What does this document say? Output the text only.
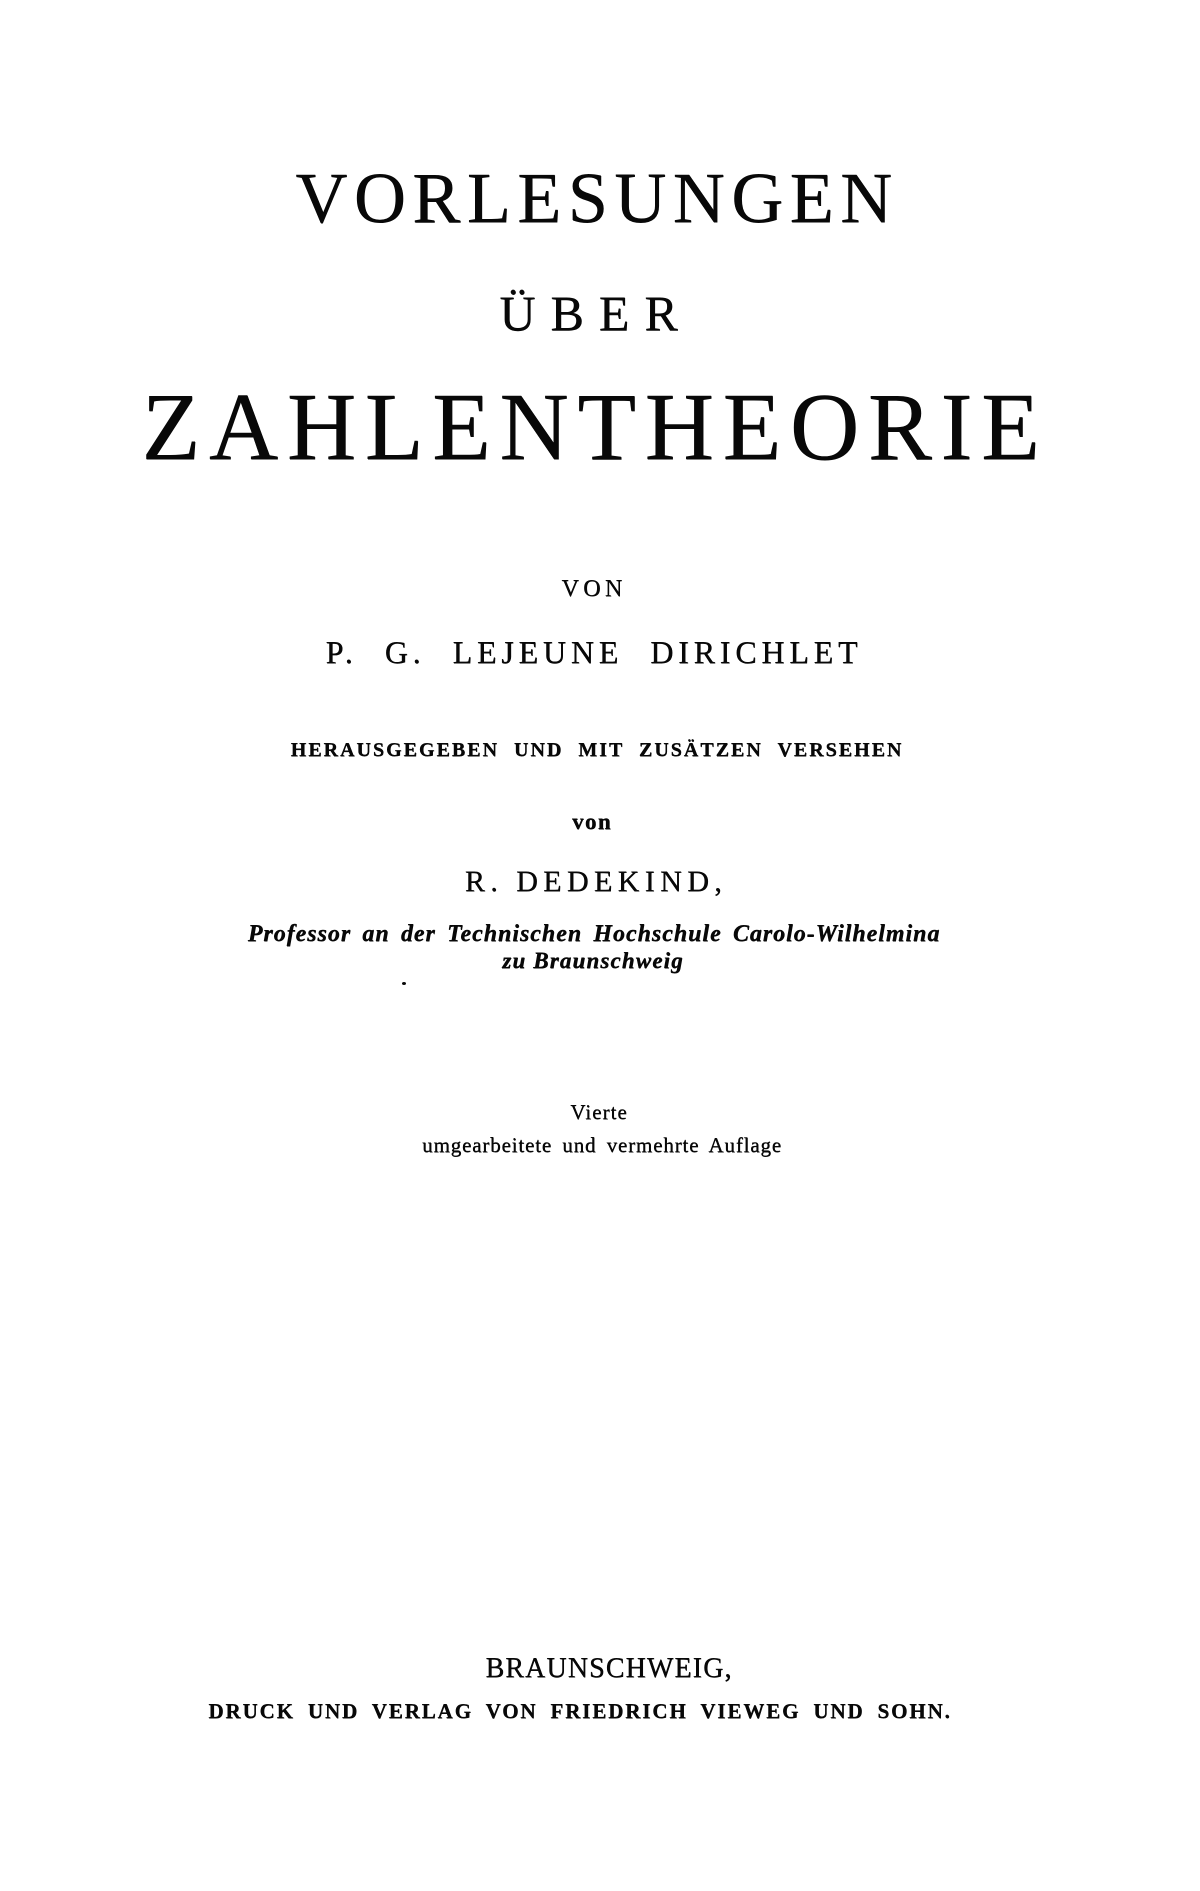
VORLESUNGEN
ÜBER
ZAHLENTHEORIE
VON
P. G. LEJEUNE DIRICHLET
HERAUSGEGEBEN UND MIT ZUSÄTZEN VERSEHEN
von
R. DEDEKIND,
Professor an der Technischen Hochschule Carolo-Wilhelmina
zu Braunschweig
Vierte
umgearbeitete und vermehrte Auflage
BRAUNSCHWEIG,
DRUCK UND VERLAG VON FRIEDRICH VIEWEG UND SOHN.
